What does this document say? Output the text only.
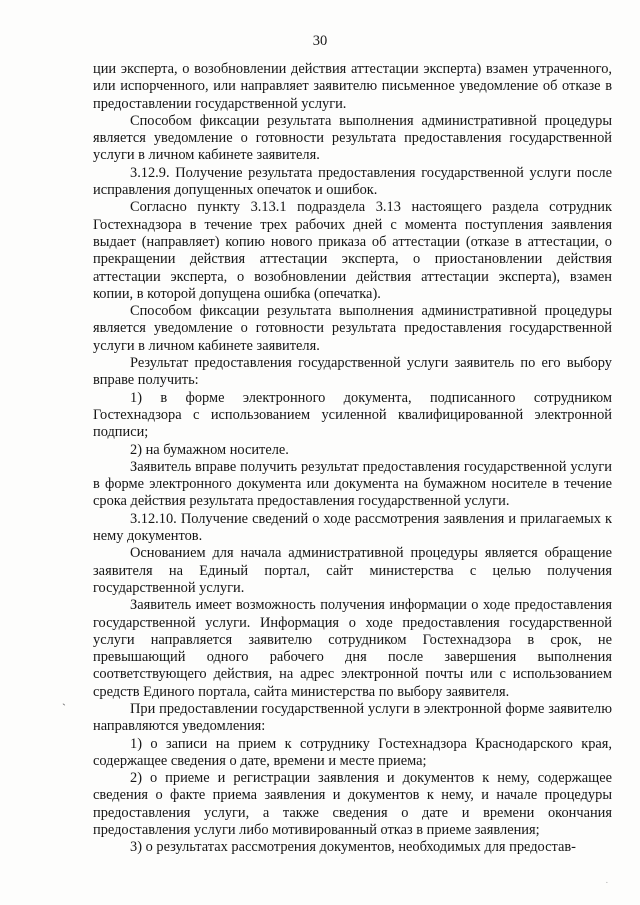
30

ции эксперта, о возобновлении действия аттестации эксперта) взамен утраченного, или испорченного, или направляет заявителю письменное уведомление об отказе в предоставлении государственной услуги.

Способом фиксации результата выполнения административной процедуры является уведомление о готовности результата предоставления государственной услуги в личном кабинете заявителя.

3.12.9. Получение результата предоставления государственной услуги после исправления допущенных опечаток и ошибок.

Согласно пункту 3.13.1 подраздела 3.13 настоящего раздела сотрудник Гостехнадзора в течение трех рабочих дней с момента поступления заявления выдает (направляет) копию нового приказа об аттестации (отказе в аттестации, о прекращении действия аттестации эксперта, о приостановлении действия аттестации эксперта, о возобновлении действия аттестации эксперта), взамен копии, в которой допущена ошибка (опечатка).

Способом фиксации результата выполнения административной процедуры является уведомление о готовности результата предоставления государственной услуги в личном кабинете заявителя.

Результат предоставления государственной услуги заявитель по его выбору вправе получить:

1) в форме электронного документа, подписанного сотрудником Гостехнадзора с использованием усиленной квалифицированной электронной подписи;

2) на бумажном носителе.

Заявитель вправе получить результат предоставления государственной услуги в форме электронного документа или документа на бумажном носителе в течение срока действия результата предоставления государственной услуги.

3.12.10. Получение сведений о ходе рассмотрения заявления и прилагаемых к нему документов.

Основанием для начала административной процедуры является обращение заявителя на Единый портал, сайт министерства с целью получения государственной услуги.

Заявитель имеет возможность получения информации о ходе предоставления государственной услуги. Информация о ходе предоставления государственной услуги направляется заявителю сотрудником Гостехнадзора в срок, не превышающий одного рабочего дня после завершения выполнения соответствующего действия, на адрес электронной почты или с использованием средств Единого портала, сайта министерства по выбору заявителя.

При предоставлении государственной услуги в электронной форме заявителю направляются уведомления:

1) о записи на прием к сотруднику Гостехнадзора Краснодарского края, содержащее сведения о дате, времени и месте приема;

2) о приеме и регистрации заявления и документов к нему, содержащее сведения о факте приема заявления и документов к нему, и начале процедуры предоставления услуги, а также сведения о дате и времени окончания предоставления услуги либо мотивированный отказ в приеме заявления;

3) о результатах рассмотрения документов, необходимых для предостав-

`
.
